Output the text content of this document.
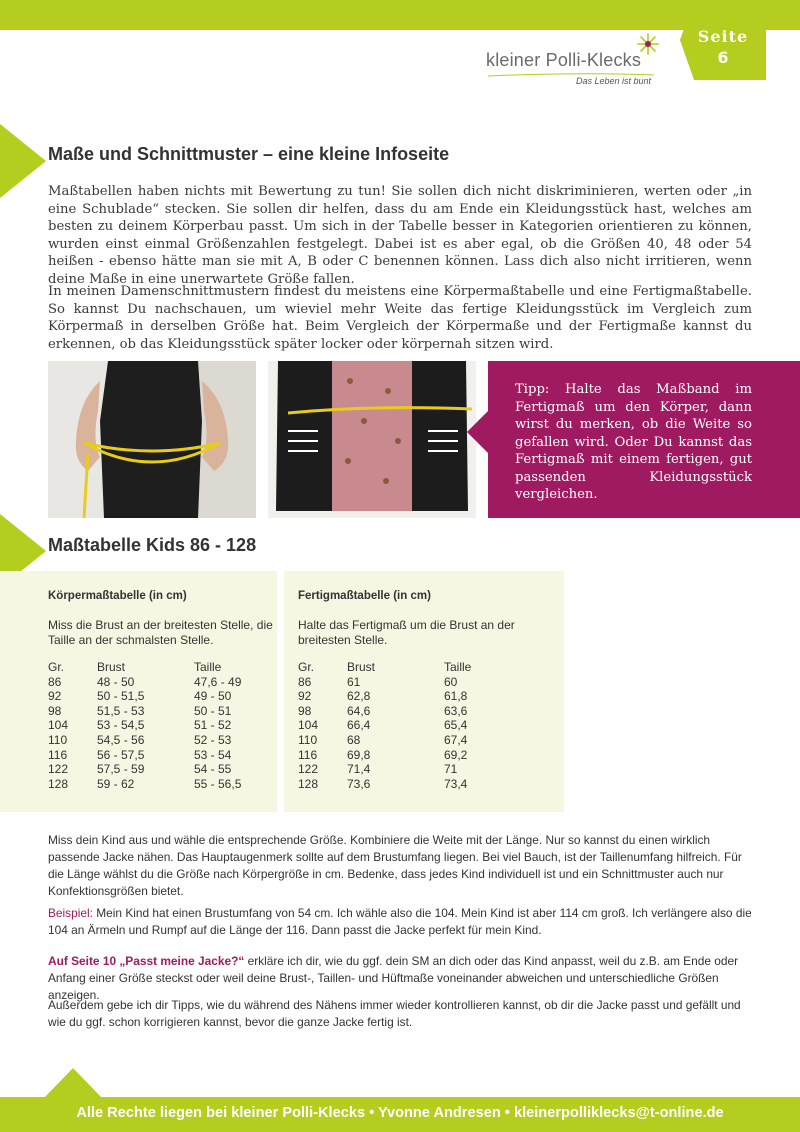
Seite
6
kleiner Polli-Klecks
Das Leben ist bunt
Maße und Schnittmuster – eine kleine Infoseite

Maßtabellen haben nichts mit Bewertung zu tun! Sie sollen dich nicht diskriminieren, werten oder „in eine Schublade“ stecken. Sie sollen dir helfen, dass du am Ende ein Kleidungsstück hast, welches am besten zu deinem Körperbau passt. Um sich in der Tabelle besser in Kategorien orientieren zu können, wurden einst einmal Größenzahlen festgelegt. Dabei ist es aber egal, ob die Größen 40, 48 oder 54 heißen - ebenso hätte man sie mit A, B oder C benennen können. Lass dich also nicht irritieren, wenn deine Maße in eine unerwartete Größe fallen.

In meinen Damenschnittmustern findest du meistens eine Körpermaßtabelle und eine Fertigmaßtabelle. So kannst Du nachschauen, um wieviel mehr Weite das fertige Kleidungsstück im Vergleich zum Körpermaß in derselben Größe hat. Beim Vergleich der Körpermaße und der Fertigmaße kannst du erkennen, ob das Kleidungsstück später locker oder körpernah sitzen wird.

Tipp: Halte das Maßband im Fertigmaß um den Körper, dann wirst du merken, ob die Weite so gefallen wird. Oder Du kannst das Fertigmaß mit einem fertigen, gut passenden Kleidungsstück vergleichen.

Maßtabelle Kids 86 - 128
Körpermaßtabelle (in cm)
Miss die Brust an der breitesten Stelle, die Taille an der schmalsten Stelle.
Gr.	Brust	Taille
86	48 - 50	47,6 - 49
92	50 - 51,5	49 - 50
98	51,5 - 53	50 - 51
104 53 - 54,5	51 - 52
110 54,5 - 56	52 - 53
116 56 - 57,5	53 - 54
122 57,5 - 59	54 - 55
128 59 - 62	55 - 56,5
Fertigmaßtabelle (in cm)
Halte das Fertigmaß um die Brust an der breitesten Stelle.
Gr.	Brust	Taille
86	61	60
92	62,8	61,8
98	64,6	63,6
104 66,4	65,4
110 68	67,4
116 69,8	69,2
122 71,4	71
128 73,6	73,4

Miss dein Kind aus und wähle die entsprechende Größe. Kombiniere die Weite mit der Länge. Nur so kannst du einen wirklich passende Jacke nähen. Das Hauptaugenmerk sollte auf dem Brustumfang liegen. Bei viel Bauch, ist der Taillenumfang hilfreich. Für die Länge wählst du die Größe nach Körpergröße in cm. Bedenke, dass jedes Kind individuell ist und ein Schnittmuster auch nur Konfektionsgrößen bietet.

Beispiel: Mein Kind hat einen Brustumfang von 54 cm. Ich wähle also die 104. Mein Kind ist aber 114 cm groß. Ich verlängere also die 104 an Ärmeln und Rumpf auf die Länge der 116. Dann passt die Jacke perfekt für mein Kind.

Auf Seite 10 „Passt meine Jacke?“ erkläre ich dir, wie du ggf. dein SM an dich oder das Kind anpasst, weil du z.B. am Ende oder Anfang einer Größe steckst oder weil deine Brust-, Taillen- und Hüftmaße voneinander abweichen und unterschiedliche Größen anzeigen.

Außerdem gebe ich dir Tipps, wie du während des Nähens immer wieder kontrollieren kannst, ob dir die Jacke passt und gefällt und wie du ggf. schon korrigieren kannst, bevor die ganze Jacke fertig ist.

Alle Rechte liegen bei kleiner Polli-Klecks • Yvonne Andresen • kleinerpolliklecks@t-online.de
